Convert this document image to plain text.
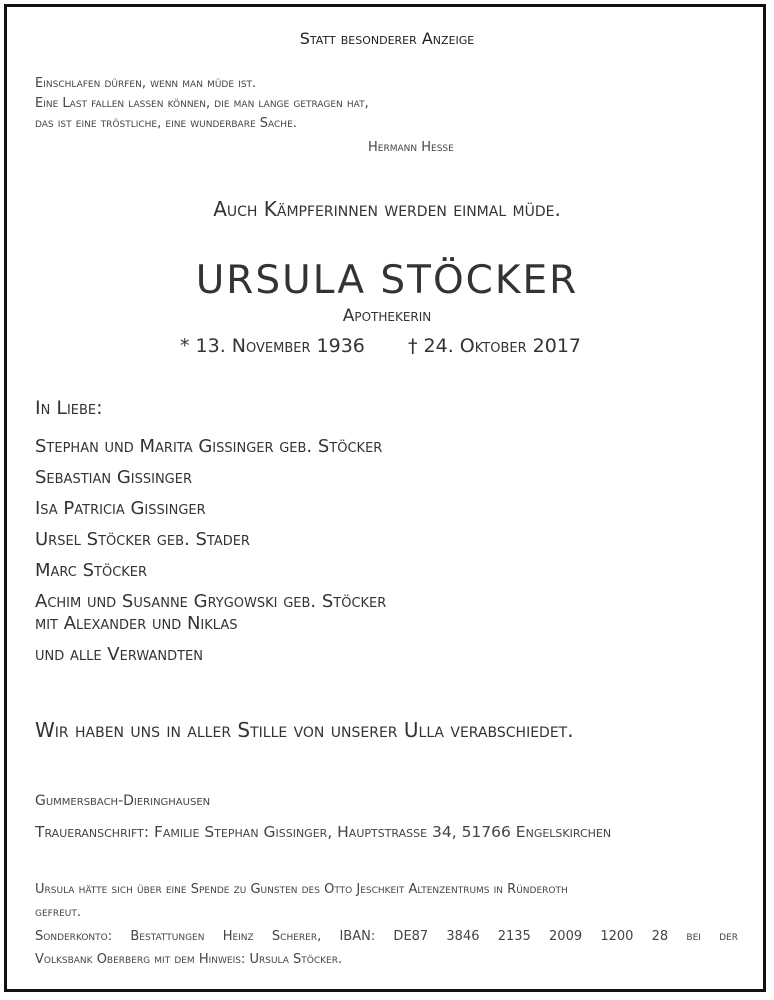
Statt besonderer Anzeige
Einschlafen dürfen, wenn man müde ist.
Eine Last fallen lassen können, die man lange getragen hat,
das ist eine tröstliche, eine wunderbare Sache.
Hermann Hesse
Auch Kämpferinnen werden einmal müde.
URSULA STÖCKER
Apothekerin
* 13. November 1936 † 24. Oktober 2017
In Liebe:
Stephan und Marita Gissinger geb. Stöcker
Sebastian Gissinger
Isa Patricia Gissinger
Ursel Stöcker geb. Stader
Marc Stöcker
Achim und Susanne Grygowski geb. Stöcker
mit Alexander und Niklas
und alle Verwandten
Wir haben uns in aller Stille von unserer Ulla verabschiedet.
Gummersbach-Dieringhausen
Traueranschrift: Familie Stephan Gissinger, Hauptstrasse 34, 51766 Engelskirchen
Ursula hätte sich über eine Spende zu Gunsten des Otto Jeschkeit Altenzentrums in Ründeroth
gefreut.
Sonderkonto: Bestattungen Heinz Scherer, IBAN: DE87 3846 2135 2009 1200 28 bei der
Volksbank Oberberg mit dem Hinweis: Ursula Stöcker.
